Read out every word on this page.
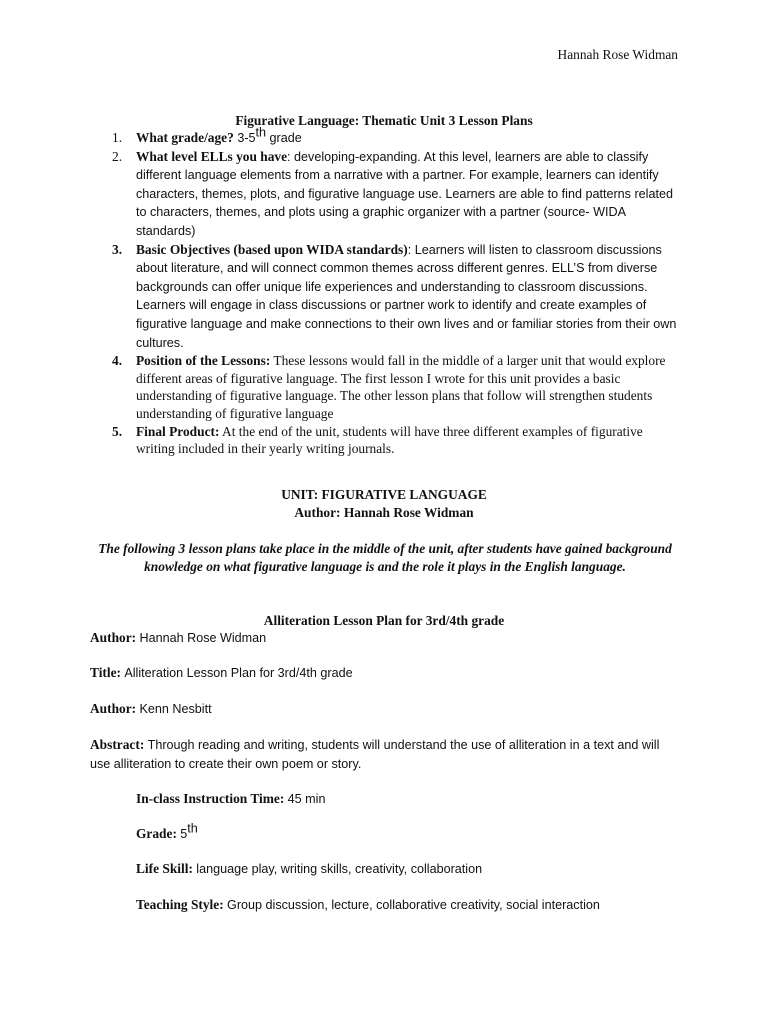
Hannah Rose Widman
Figurative Language: Thematic Unit 3 Lesson Plans
1. What grade/age? 3-5th grade
2. What level ELLs you have: developing-expanding. At this level, learners are able to classify different language elements from a narrative with a partner. For example, learners can identify characters, themes, plots, and figurative language use. Learners are able to find patterns related to characters, themes, and plots using a graphic organizer with a partner (source- WIDA standards)
3. Basic Objectives (based upon WIDA standards): Learners will listen to classroom discussions about literature, and will connect common themes across different genres. ELL’S from diverse backgrounds can offer unique life experiences and understanding to classroom discussions. Learners will engage in class discussions or partner work to identify and create examples of figurative language and make connections to their own lives and or familiar stories from their own cultures.
4. Position of the Lessons: These lessons would fall in the middle of a larger unit that would explore different areas of figurative language. The first lesson I wrote for this unit provides a basic understanding of figurative language. The other lesson plans that follow will strengthen students understanding of figurative language
5. Final Product: At the end of the unit, students will have three different examples of figurative writing included in their yearly writing journals.
UNIT: FIGURATIVE LANGUAGE
Author: Hannah Rose Widman
The following 3 lesson plans take place in the middle of the unit, after students have gained background knowledge on what figurative language is and the role it plays in the English language.
Alliteration Lesson Plan for 3rd/4th grade
Author: Hannah Rose Widman
Title: Alliteration Lesson Plan for 3rd/4th grade
Author: Kenn Nesbitt
Abstract: Through reading and writing, students will understand the use of alliteration in a text and will use alliteration to create their own poem or story.
In-class Instruction Time: 45 min
Grade: 5th
Life Skill: language play, writing skills, creativity, collaboration
Teaching Style: Group discussion, lecture, collaborative creativity, social interaction
